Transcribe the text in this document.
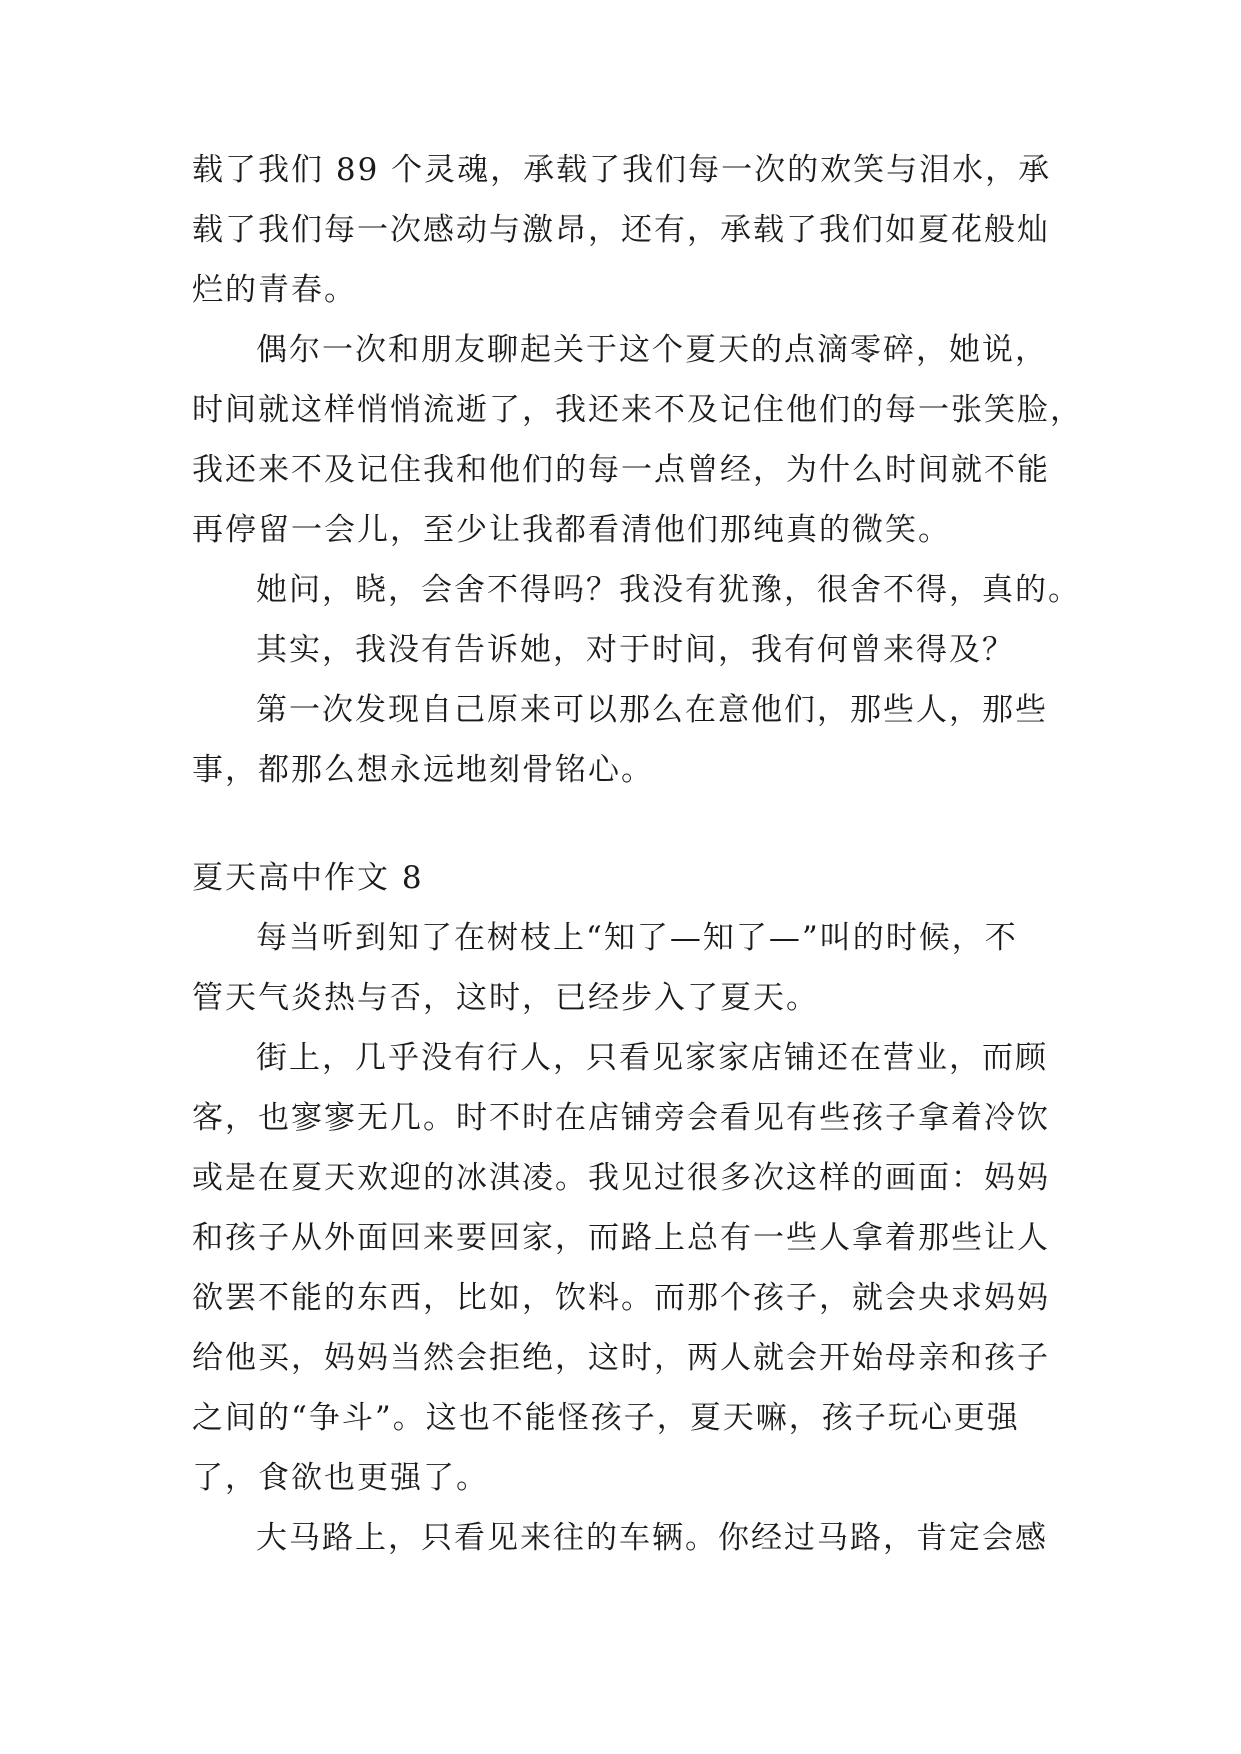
载了我们 89 个灵魂，承载了我们每一次的欢笑与泪水，承
载了我们每一次感动与激昂，还有，承载了我们如夏花般灿
烂的青春。
偶尔一次和朋友聊起关于这个夏天的点滴零碎，她说，
时间就这样悄悄流逝了，我还来不及记住他们的每一张笑脸，
我还来不及记住我和他们的每一点曾经，为什么时间就不能
再停留一会儿，至少让我都看清他们那纯真的微笑。
她问，晓，会舍不得吗？我没有犹豫，很舍不得，真的。
其实，我没有告诉她，对于时间，我有何曾来得及？
第一次发现自己原来可以那么在意他们，那些人，那些
事，都那么想永远地刻骨铭心。
夏天高中作文 8
每当听到知了在树枝上“知了—知了—”叫的时候，不
管天气炎热与否，这时，已经步入了夏天。
街上，几乎没有行人，只看见家家店铺还在营业，而顾
客，也寥寥无几。时不时在店铺旁会看见有些孩子拿着冷饮
或是在夏天欢迎的冰淇凌。我见过很多次这样的画面：妈妈
和孩子从外面回来要回家，而路上总有一些人拿着那些让人
欲罢不能的东西，比如，饮料。而那个孩子，就会央求妈妈
给他买，妈妈当然会拒绝，这时，两人就会开始母亲和孩子
之间的“争斗”。这也不能怪孩子，夏天嘛，孩子玩心更强
了，食欲也更强了。
大马路上，只看见来往的车辆。你经过马路，肯定会感
